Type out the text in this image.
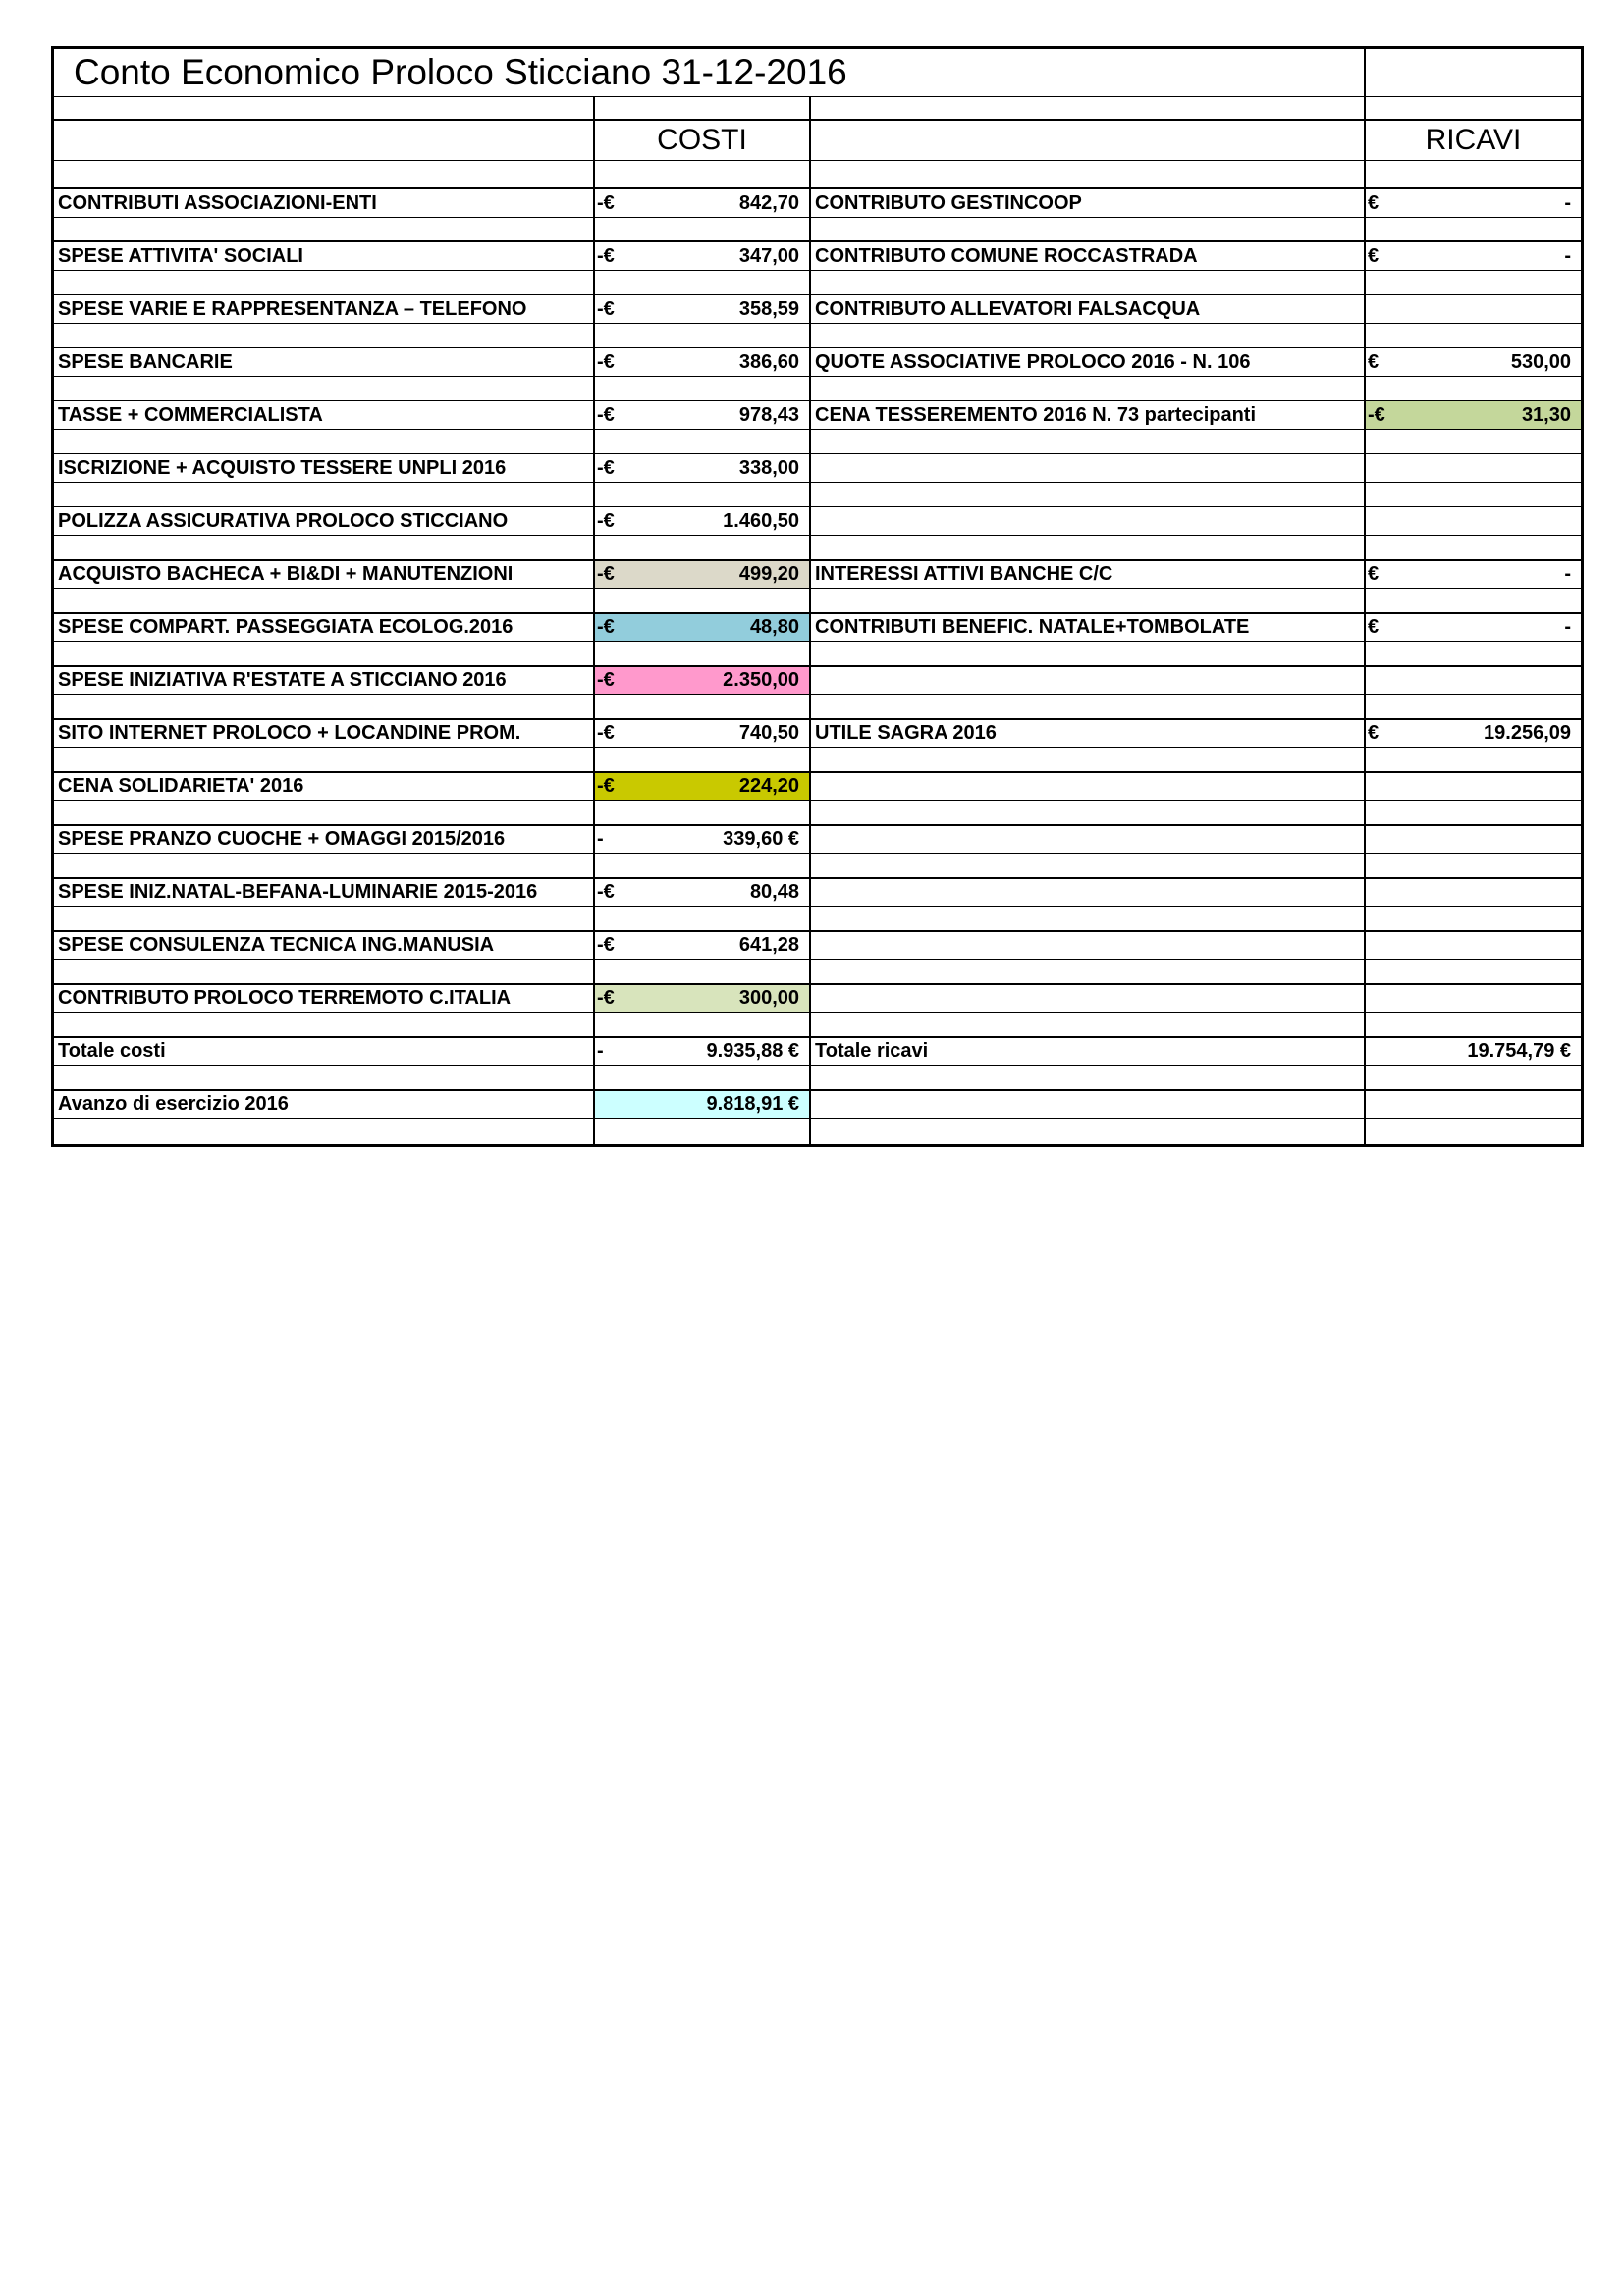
Conto Economico Proloco Sticciano 31-12-2016			

	COSTI		RICAVI

CONTRIBUTI ASSOCIAZIONI-ENTI	-€ 842,70	CONTRIBUTO GESTINCOOP	€ -

SPESE ATTIVITA' SOCIALI	-€ 347,00	CONTRIBUTO COMUNE ROCCASTRADA	€ -

SPESE VARIE E RAPPRESENTANZA – TELEFONO	-€ 358,59	CONTRIBUTO ALLEVATORI FALSACQUA	

SPESE BANCARIE	-€ 386,60	QUOTE ASSOCIATIVE PROLOCO 2016 - N. 106	€ 530,00

TASSE + COMMERCIALISTA	-€ 978,43	CENA TESSEREMENTO 2016 N. 73 partecipanti	-€ 31,30

ISCRIZIONE + ACQUISTO TESSERE UNPLI 2016	-€ 338,00		

POLIZZA ASSICURATIVA PROLOCO STICCIANO	-€ 1.460,50		

ACQUISTO BACHECA + BI&DI + MANUTENZIONI	-€ 499,20	INTERESSI ATTIVI BANCHE C/C	€ -

SPESE COMPART. PASSEGGIATA ECOLOG.2016	-€ 48,80	CONTRIBUTI BENEFIC. NATALE+TOMBOLATE	€ -

SPESE INIZIATIVA R'ESTATE A STICCIANO 2016	-€ 2.350,00		

SITO INTERNET PROLOCO + LOCANDINE PROM.	-€ 740,50	UTILE SAGRA 2016	€ 19.256,09

CENA SOLIDARIETA' 2016	-€ 224,20		

SPESE PRANZO CUOCHE + OMAGGI 2015/2016	- 339,60 €		

SPESE INIZ.NATAL-BEFANA-LUMINARIE 2015-2016	-€ 80,48		

SPESE CONSULENZA TECNICA ING.MANUSIA	-€ 641,28		

CONTRIBUTO PROLOCO TERREMOTO C.ITALIA	-€ 300,00		

Totale costi	- 9.935,88 €	Totale ricavi	19.754,79 €

Avanzo di esercizio 2016	9.818,91 €		
